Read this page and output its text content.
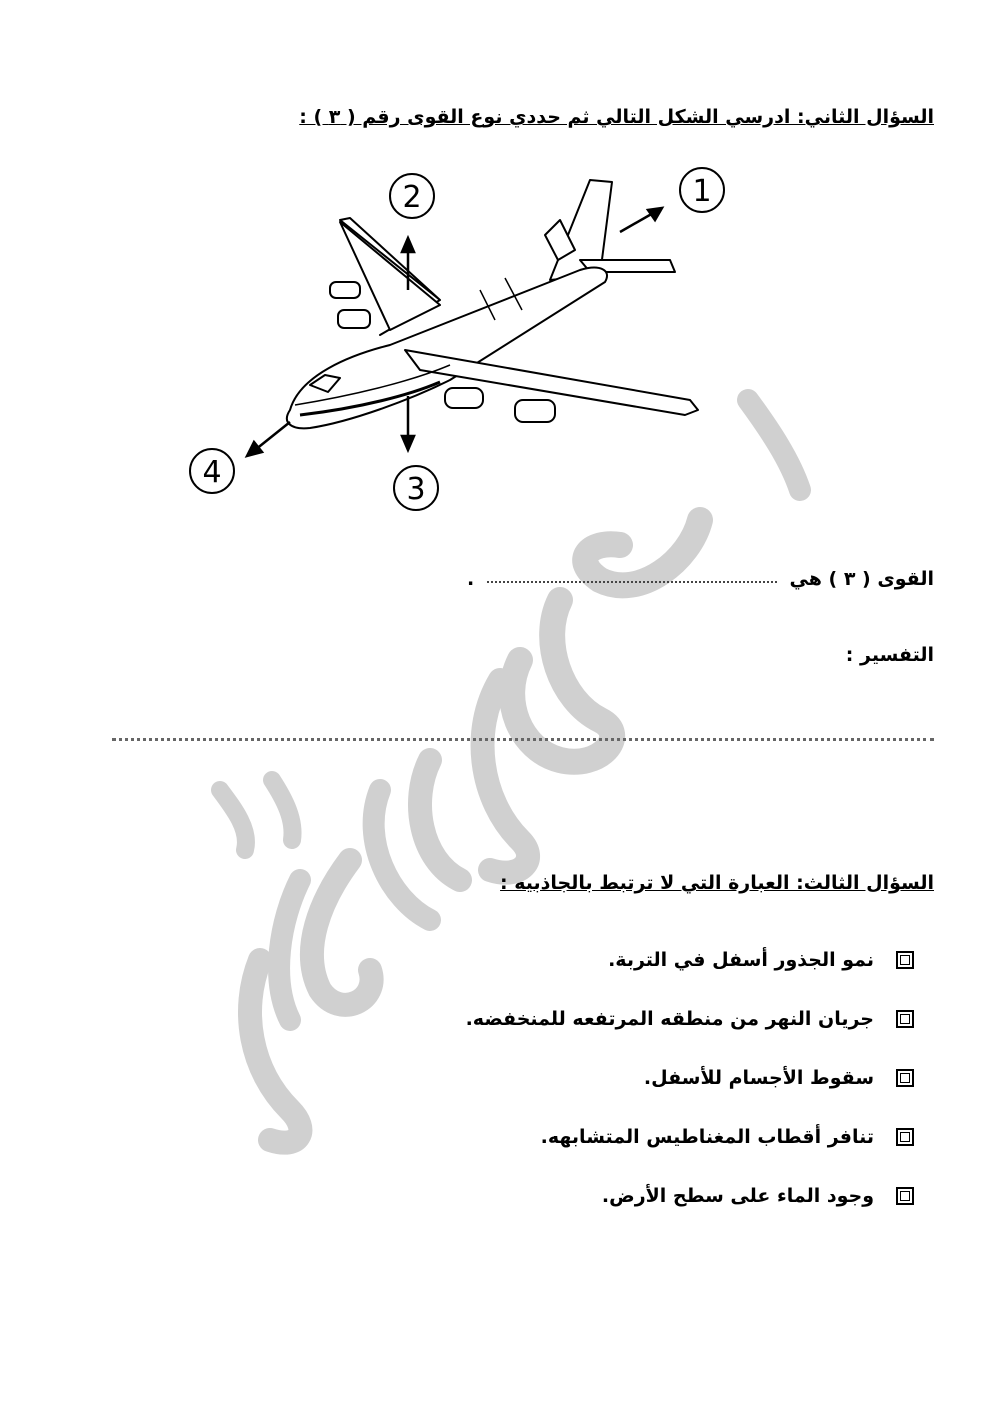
السؤال الثاني: ادرسي الشكل التالي ثم حددي نوع القوى رقم ( ٣ ) :
1
2
3
4
القوى ( ٣ ) هي  .
التفسير :
السؤال الثالث: العبارة التي لا ترتبط بالجاذبيه :
نمو الجذور أسفل في التربة.
جريان النهر من منطقه المرتفعه للمنخفضه.
سقوط الأجسام للأسفل.
تنافر أقطاب المغناطيس المتشابهه.
وجود الماء على سطح الأرض.
